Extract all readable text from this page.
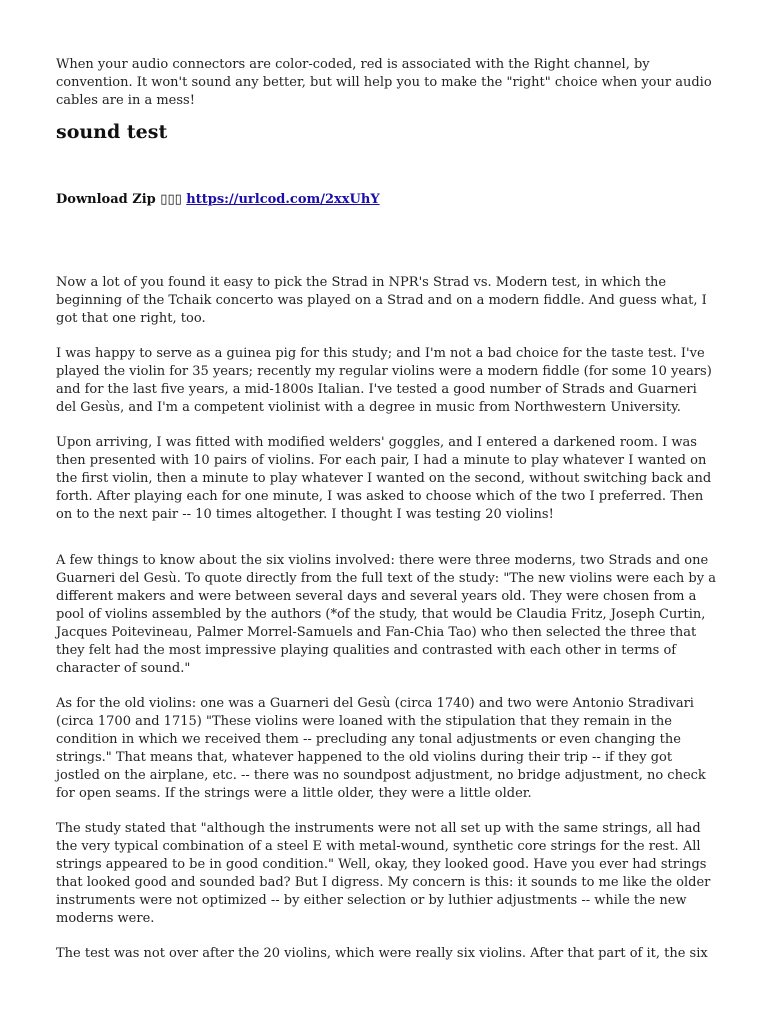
When your audio connectors are color-coded, red is associated with the Right channel, by convention. It won't sound any better, but will help you to make the "right" choice when your audio cables are in a mess!

sound test

Download Zip ▯▯▯ https://urlcod.com/2xxUhY

Now a lot of you found it easy to pick the Strad in NPR's Strad vs. Modern test, in which the beginning of the Tchaik concerto was played on a Strad and on a modern fiddle. And guess what, I got that one right, too.

I was happy to serve as a guinea pig for this study; and I'm not a bad choice for the taste test. I've played the violin for 35 years; recently my regular violins were a modern fiddle (for some 10 years) and for the last five years, a mid-1800s Italian. I've tested a good number of Strads and Guarneri del Gesùs, and I'm a competent violinist with a degree in music from Northwestern University.

Upon arriving, I was fitted with modified welders' goggles, and I entered a darkened room. I was then presented with 10 pairs of violins. For each pair, I had a minute to play whatever I wanted on the first violin, then a minute to play whatever I wanted on the second, without switching back and forth. After playing each for one minute, I was asked to choose which of the two I preferred. Then on to the next pair -- 10 times altogether. I thought I was testing 20 violins!

A few things to know about the six violins involved: there were three moderns, two Strads and one Guarneri del Gesù. To quote directly from the full text of the study: "The new violins were each by a different makers and were between several days and several years old. They were chosen from a pool of violins assembled by the authors (*of the study, that would be Claudia Fritz, Joseph Curtin, Jacques Poitevineau, Palmer Morrel-Samuels and Fan-Chia Tao) who then selected the three that they felt had the most impressive playing qualities and contrasted with each other in terms of character of sound."

As for the old violins: one was a Guarneri del Gesù (circa 1740) and two were Antonio Stradivari (circa 1700 and 1715) "These violins were loaned with the stipulation that they remain in the condition in which we received them -- precluding any tonal adjustments or even changing the strings." That means that, whatever happened to the old violins during their trip -- if they got jostled on the airplane, etc. -- there was no soundpost adjustment, no bridge adjustment, no check for open seams. If the strings were a little older, they were a little older.

The study stated that "although the instruments were not all set up with the same strings, all had the very typical combination of a steel E with metal-wound, synthetic core strings for the rest. All strings appeared to be in good condition." Well, okay, they looked good. Have you ever had strings that looked good and sounded bad? But I digress. My concern is this: it sounds to me like the older instruments were not optimized -- by either selection or by luthier adjustments -- while the new moderns were.

The test was not over after the 20 violins, which were really six violins. After that part of it, the six
